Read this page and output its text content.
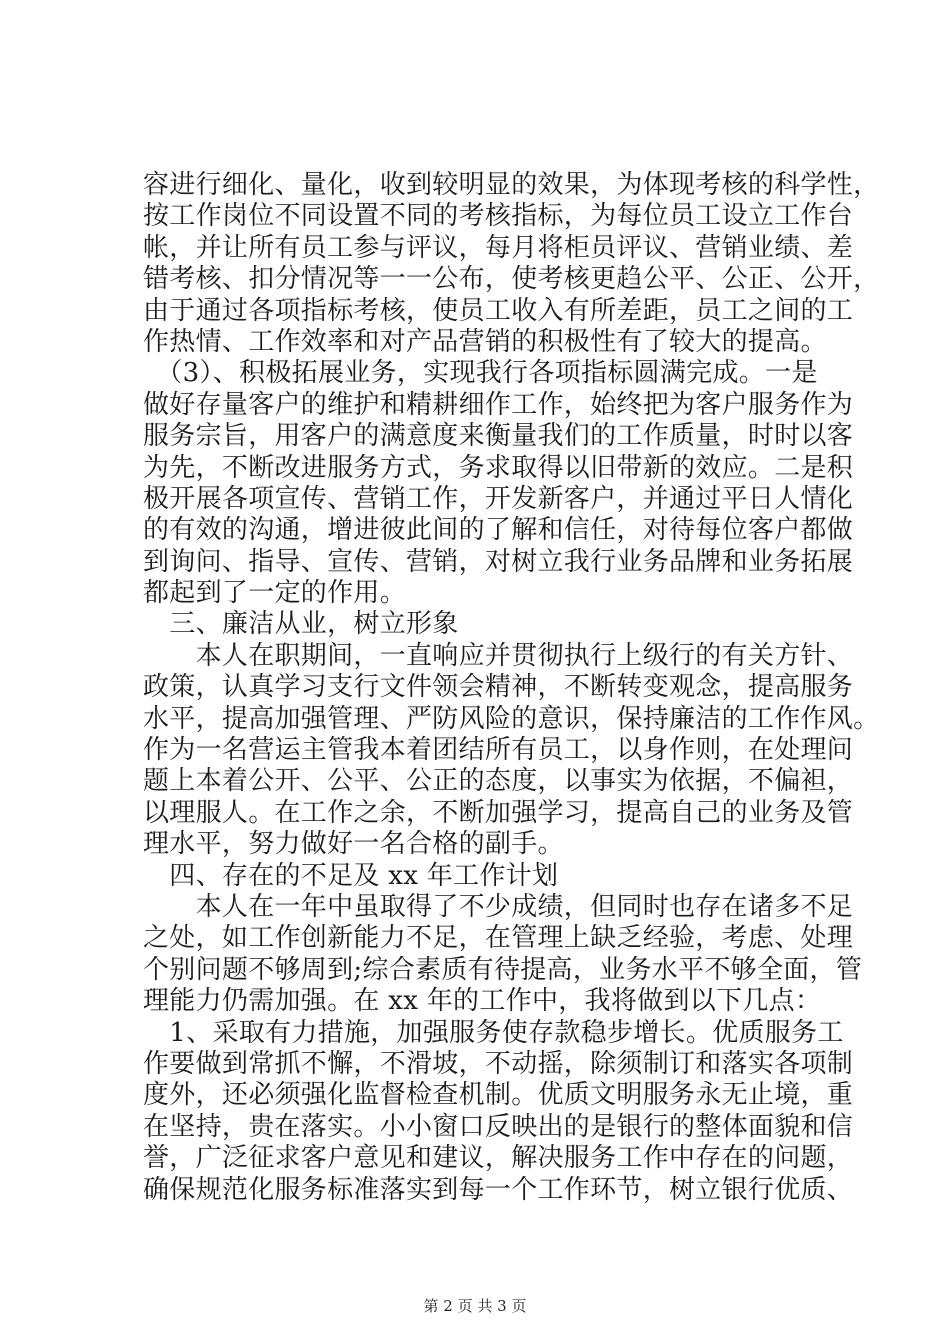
容进行细化、量化，收到较明显的效果，为体现考核的科学性，
按工作岗位不同设置不同的考核指标，为每位员工设立工作台
帐，并让所有员工参与评议，每月将柜员评议、营销业绩、差
错考核、扣分情况等一一公布，使考核更趋公平、公正、公开，
由于通过各项指标考核，使员工收入有所差距，员工之间的工
作热情、工作效率和对产品营销的积极性有了较大的提高。
　（3）、积极拓展业务，实现我行各项指标圆满完成。一是
做好存量客户的维护和精耕细作工作，始终把为客户服务作为
服务宗旨，用客户的满意度来衡量我们的工作质量，时时以客
为先，不断改进服务方式，务求取得以旧带新的效应。二是积
极开展各项宣传、营销工作，开发新客户，并通过平日人情化
的有效的沟通，增进彼此间的了解和信任，对待每位客户都做
到询问、指导、宣传、营销，对树立我行业务品牌和业务拓展
都起到了一定的作用。
　三、廉洁从业，树立形象
　　本人在职期间，一直响应并贯彻执行上级行的有关方针、
政策，认真学习支行文件领会精神，不断转变观念，提高服务
水平，提高加强管理、严防风险的意识，保持廉洁的工作作风。
作为一名营运主管我本着团结所有员工，以身作则，在处理问
题上本着公开、公平、公正的态度，以事实为依据，不偏袒，
以理服人。在工作之余，不断加强学习，提高自己的业务及管
理水平，努力做好一名合格的副手。
　四、存在的不足及 xx 年工作计划
　　本人在一年中虽取得了不少成绩，但同时也存在诸多不足
之处，如工作创新能力不足，在管理上缺乏经验，考虑、处理
个别问题不够周到;综合素质有待提高，业务水平不够全面，管
理能力仍需加强。在 xx 年的工作中，我将做到以下几点：
　1、采取有力措施，加强服务使存款稳步增长。优质服务工
作要做到常抓不懈，不滑坡，不动摇，除须制订和落实各项制
度外，还必须强化监督检查机制。优质文明服务永无止境，重
在坚持，贵在落实。小小窗口反映出的是银行的整体面貌和信
誉，广泛征求客户意见和建议，解决服务工作中存在的问题，
确保规范化服务标准落实到每一个工作环节，树立银行优质、
第 2 页 共 3 页
